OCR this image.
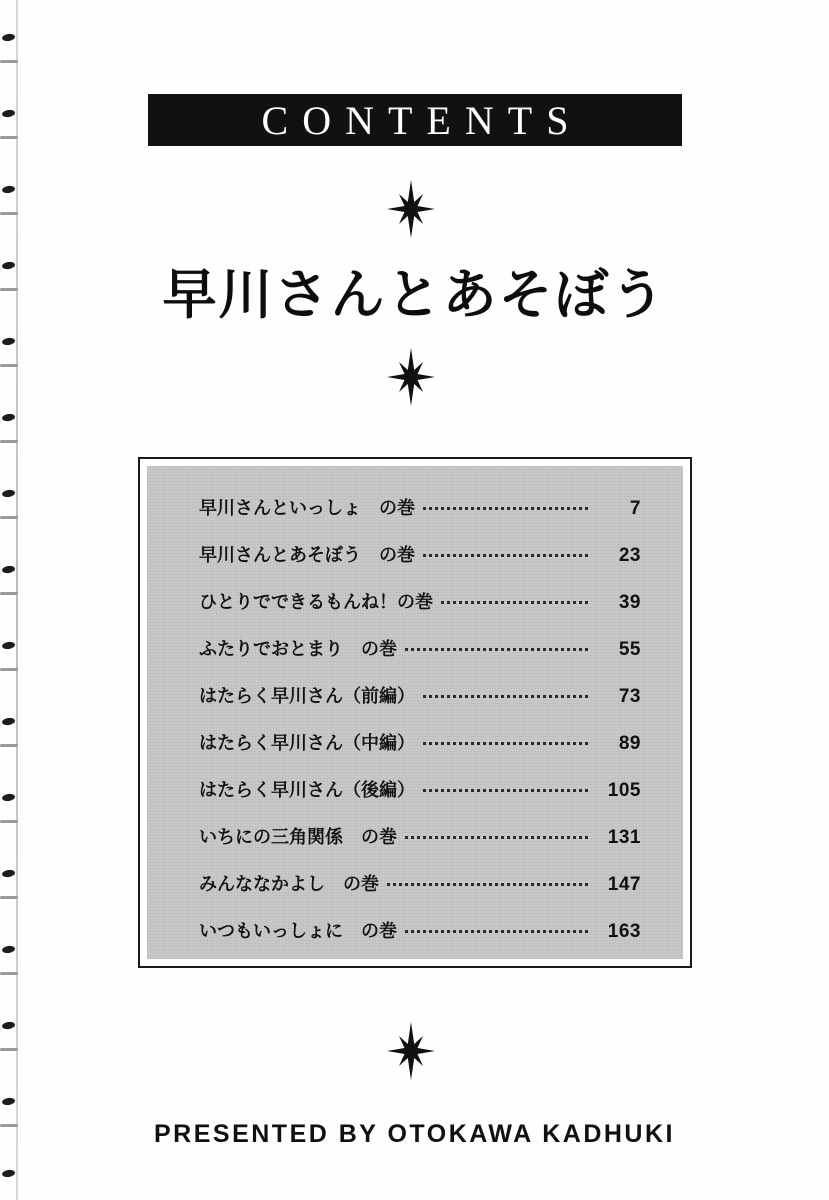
CONTENTS
早川さんとあそぼう
早川さんといっしょ　の巻	7
早川さんとあそぼう　の巻	23
ひとりでできるもんね！の巻	39
ふたりでおとまり　の巻	55
はたらく早川さん（前編）	73
はたらく早川さん（中編）	89
はたらく早川さん（後編）	105
いちにの三角関係　の巻	131
みんななかよし　の巻	147
いつもいっしょに　の巻	163
PRESENTED BY OTOKAWA KADHUKI
